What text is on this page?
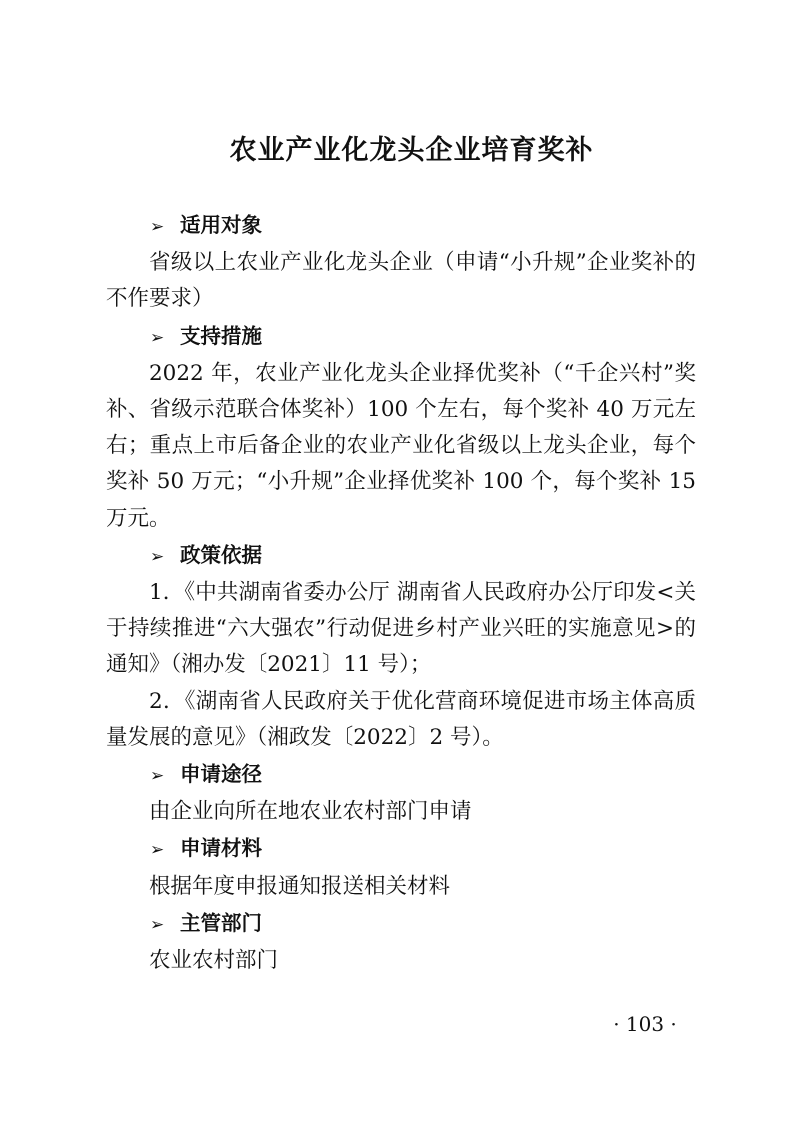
农业产业化龙头企业培育奖补

➢ 适用对象

省级以上农业产业化龙头企业（申请“小升规”企业奖补的不作要求）

➢ 支持措施

2022 年，农业产业化龙头企业择优奖补（“千企兴村”奖补、省级示范联合体奖补）100 个左右，每个奖补 40 万元左右；重点上市后备企业的农业产业化省级以上龙头企业，每个奖补 50 万元；“小升规”企业择优奖补 100 个，每个奖补 15 万元。

➢ 政策依据

1．《中共湖南省委办公厅 湖南省人民政府办公厅印发<关于持续推进“六大强农”行动促进乡村产业兴旺的实施意见>的通知》（湘办发〔2021〕11 号）；

2．《湖南省人民政府关于优化营商环境促进市场主体高质量发展的意见》（湘政发〔2022〕2 号）。

➢ 申请途径

由企业向所在地农业农村部门申请

➢ 申请材料

根据年度申报通知报送相关材料

➢ 主管部门

农业农村部门

· 103 ·
